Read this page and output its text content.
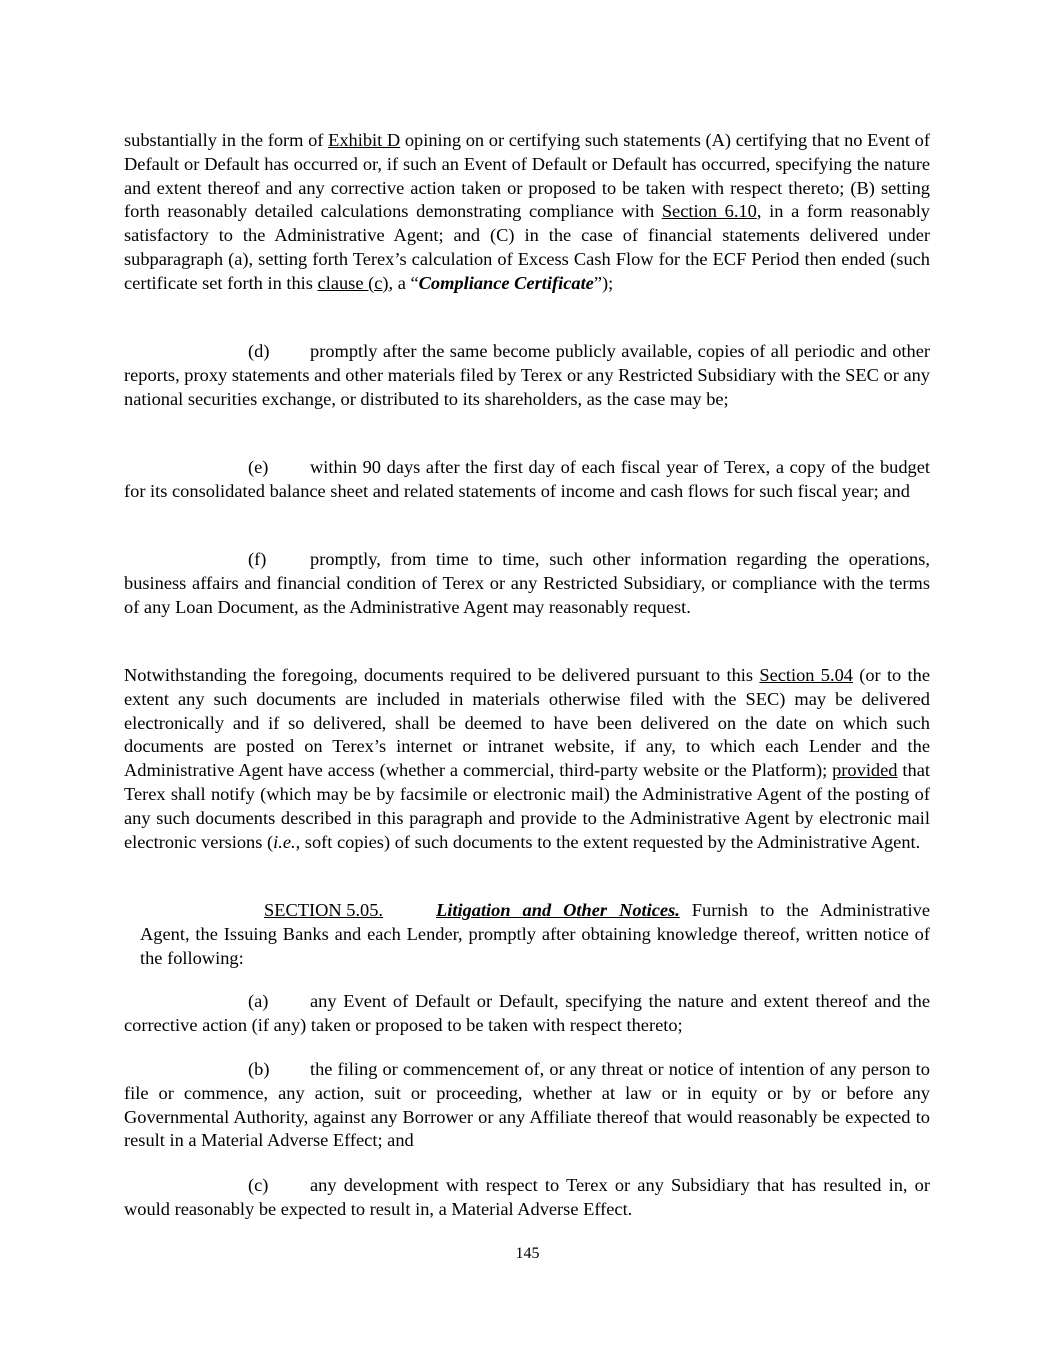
substantially in the form of Exhibit D opining on or certifying such statements (A) certifying that no Event of Default or Default has occurred or, if such an Event of Default or Default has occurred, specifying the nature and extent thereof and any corrective action taken or proposed to be taken with respect thereto; (B) setting forth reasonably detailed calculations demonstrating compliance with Section 6.10, in a form reasonably satisfactory to the Administrative Agent; and (C) in the case of financial statements delivered under subparagraph (a), setting forth Terex’s calculation of Excess Cash Flow for the ECF Period then ended (such certificate set forth in this clause (c), a “Compliance Certificate”);

(d) promptly after the same become publicly available, copies of all periodic and other reports, proxy statements and other materials filed by Terex or any Restricted Subsidiary with the SEC or any national securities exchange, or distributed to its shareholders, as the case may be;

(e) within 90 days after the first day of each fiscal year of Terex, a copy of the budget for its consolidated balance sheet and related statements of income and cash flows for such fiscal year; and

(f) promptly, from time to time, such other information regarding the operations, business affairs and financial condition of Terex or any Restricted Subsidiary, or compliance with the terms of any Loan Document, as the Administrative Agent may reasonably request.

Notwithstanding the foregoing, documents required to be delivered pursuant to this Section 5.04 (or to the extent any such documents are included in materials otherwise filed with the SEC) may be delivered electronically and if so delivered, shall be deemed to have been delivered on the date on which such documents are posted on Terex’s internet or intranet website, if any, to which each Lender and the Administrative Agent have access (whether a commercial, third-party website or the Platform); provided that Terex shall notify (which may be by facsimile or electronic mail) the Administrative Agent of the posting of any such documents described in this paragraph and provide to the Administrative Agent by electronic mail electronic versions (i.e., soft copies) of such documents to the extent requested by the Administrative Agent.

SECTION 5.05.	Litigation and Other Notices. Furnish to the Administrative Agent, the Issuing Banks and each Lender, promptly after obtaining knowledge thereof, written notice of the following:

(a) any Event of Default or Default, specifying the nature and extent thereof and the corrective action (if any) taken or proposed to be taken with respect thereto;

(b) the filing or commencement of, or any threat or notice of intention of any person to file or commence, any action, suit or proceeding, whether at law or in equity or by or before any Governmental Authority, against any Borrower or any Affiliate thereof that would reasonably be expected to result in a Material Adverse Effect; and

(c) any development with respect to Terex or any Subsidiary that has resulted in, or would reasonably be expected to result in, a Material Adverse Effect.

145
